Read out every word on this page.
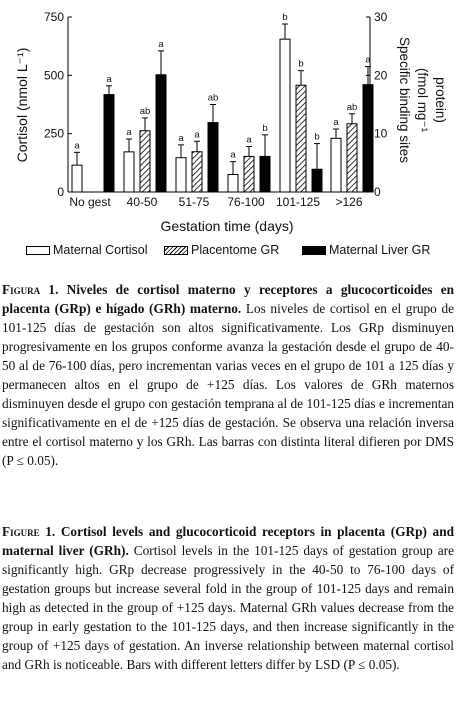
0
250
500
750
0
10
20
30
Cortisol (nmol L⁻¹)	Specific binding sites (fmol mg⁻¹ protein)
Gestation time (days)
No gest
a
a
40-50
a
ab
a
51-75
a a
ab
76-100
a
a
b
101-125
b
b
b
>126
a
ab
a
Maternal Cortisol	Placentome GR	Maternal Liver GR

Figura 1. Niveles de cortisol materno y receptores a glucocorticoides en placenta (GRp) e hígado (GRh) materno. Los niveles de cortisol en el grupo de 101-125 días de gestación son altos significativamente. Los GRp disminuyen progresivamente en los grupos conforme avanza la gestación desde el grupo de 40-50 al de 76-100 días, pero incrementan varias veces en el grupo de 101 a 125 días y permanecen altos en el grupo de +125 días. Los valores de GRh maternos disminuyen desde el grupo con gestación temprana al de 101-125 días e incrementan significativamente en el de +125 días de gestación. Se observa una relación inversa entre el cortisol materno y los GRh. Las barras con distinta literal difieren por DMS (P ≤ 0.05).

Figure 1. Cortisol levels and glucocorticoid receptors in placenta (GRp) and maternal liver (GRh). Cortisol levels in the 101-125 days of gestation group are significantly high. GRp decrease progressively in the 40-50 to 76-100 days of gestation groups but increase several fold in the group of 101-125 days and remain high as detected in the group of +125 days. Maternal GRh values decrease from the group in early gestation to the 101-125 days, and then increase significantly in the group of +125 days of gestation. An inverse relationship between maternal cortisol and GRh is noticeable. Bars with different letters differ by LSD (P ≤ 0.05).
